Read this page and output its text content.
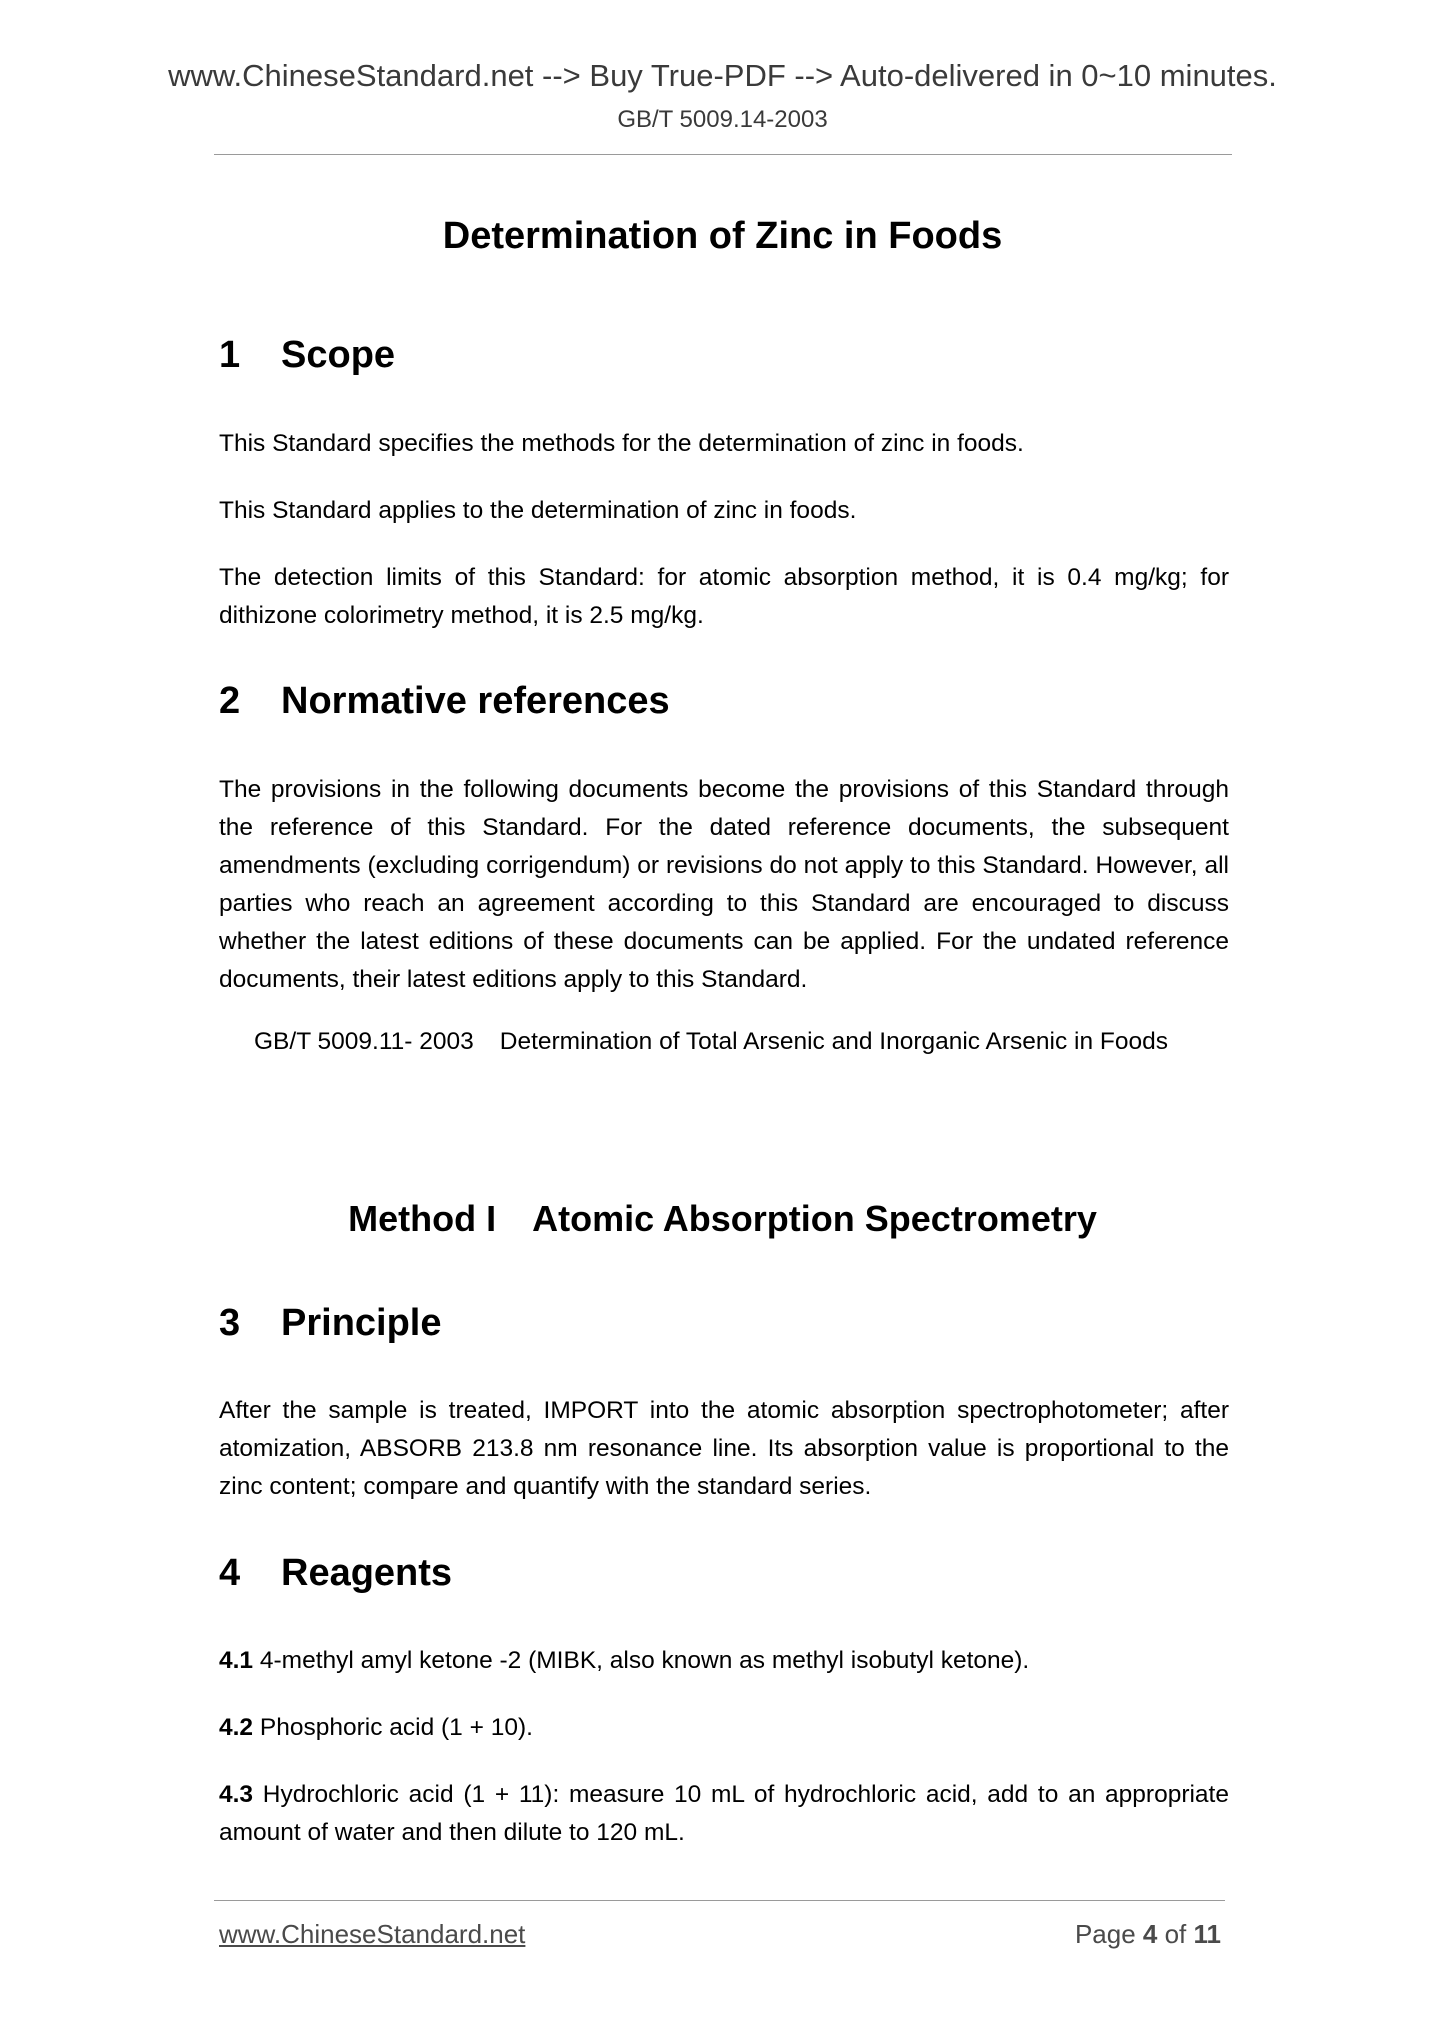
www.ChineseStandard.net --> Buy True-PDF --> Auto-delivered in 0~10 minutes.
GB/T 5009.14-2003
Determination of Zinc in Foods
1 Scope
This Standard specifies the methods for the determination of zinc in foods.
This Standard applies to the determination of zinc in foods.
The detection limits of this Standard: for atomic absorption method, it is 0.4 mg/kg; for dithizone colorimetry method, it is 2.5 mg/kg.
2 Normative references
The provisions in the following documents become the provisions of this Standard through the reference of this Standard. For the dated reference documents, the subsequent amendments (excluding corrigendum) or revisions do not apply to this Standard. However, all parties who reach an agreement according to this Standard are encouraged to discuss whether the latest editions of these documents can be applied. For the undated reference documents, their latest editions apply to this Standard.
GB/T 5009.11- 2003 Determination of Total Arsenic and Inorganic Arsenic in Foods
Method I Atomic Absorption Spectrometry
3 Principle
After the sample is treated, IMPORT into the atomic absorption spectrophotometer; after atomization, ABSORB 213.8 nm resonance line. Its absorption value is proportional to the zinc content; compare and quantify with the standard series.
4 Reagents
4.1 4-methyl amyl ketone -2 (MIBK, also known as methyl isobutyl ketone).
4.2 Phosphoric acid (1 + 10).
4.3 Hydrochloric acid (1 + 11): measure 10 mL of hydrochloric acid, add to an appropriate amount of water and then dilute to 120 mL.
www.ChineseStandard.net	Page 4 of 11
